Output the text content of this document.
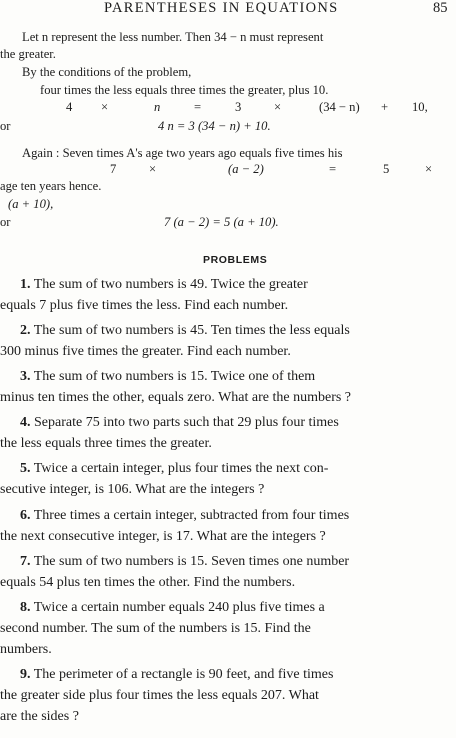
PARENTHESES IN EQUATIONS	85
Let n represent the less number. Then 34 − n must represent
the greater.
By the conditions of the problem,
four times the less equals three times the greater, plus 10.
4 ×	n	=	3	×	(34 − n) + 10,
or	4 n = 3 (34 − n) + 10.
Again : Seven times A's age two years ago equals five times his
7	×	(a − 2)	=	5	×
age ten years hence.
(a + 10),
or	7 (a − 2) = 5 (a + 10).
PROBLEMS

1. The sum of two numbers is 49. Twice the greater

equals 7 plus five times the less. Find each number.

2. The sum of two numbers is 45. Ten times the less equals

300 minus five times the greater. Find each number.

3. The sum of two numbers is 15. Twice one of them

minus ten times the other, equals zero. What are the numbers ?

4. Separate 75 into two parts such that 29 plus four times

the less equals three times the greater.

5. Twice a certain integer, plus four times the next con-

secutive integer, is 106. What are the integers ?

6. Three times a certain integer, subtracted from four times

the next consecutive integer, is 17. What are the integers ?

7. The sum of two numbers is 15. Seven times one number

equals 54 plus ten times the other. Find the numbers.

8. Twice a certain number equals 240 plus five times a

second number. The sum of the numbers is 15. Find the

numbers.

9. The perimeter of a rectangle is 90 feet, and five times

the greater side plus four times the less equals 207. What

are the sides ?
